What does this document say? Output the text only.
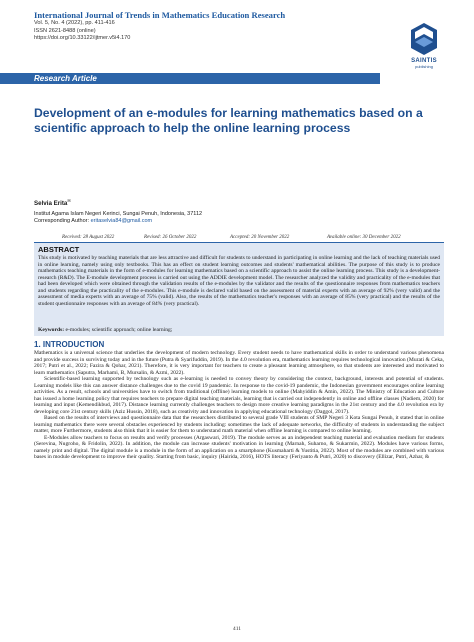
International Journal of Trends in Mathematics Education Research
Vol. 5, No. 4 (2022), pp. 411-416
ISSN 2621-8488 (online)
https://doi.org/10.33122/ijtmer.v5i4.170
SAINTIS
publishing
Research Article
Development of an e-modules for learning mathematics based on a scientific approach to help the online learning process
Selvia Erita✉
Institut Agama Islam Negeri Kerinci, Sungai Penuh, Indonesia, 37112
Corresponding Author: eritaselvia84@gmail.com
Received: 28 August 2022	Revised: 26 October 2022	Accepted: 20 November 2022	Available online: 30 December 2022
ABSTRACT
This study is motivated by teaching materials that are less attractive and difficult for students to understand in participating in online learning and the lack of teaching materials used in online learning, namely using only textbooks. This has an effect on student learning outcomes and students' mathematical abilities. The purpose of this study is to produce mathematics teaching materials in the form of e-modules for learning mathematics based on a scientific approach to assist the online learning process. This study is a development-research (R&D). The E-module development process is carried out using the ADDIE development model. The researcher analyzed the validity and practicality of the e-modules that had been developed which were obtained through the validation results of the e-modules by the validator and the results of the questionnaire responses from mathematics teachers and students regarding the practicality of the e-modules. This e-module is declared valid based on the assessment of material experts with an average of 92% (very valid) and the assessment of media experts with an average of 75% (valid). Also, the results of the mathematics teacher's responses with an average of 85% (very practical) and the results of the student questionnaire responses with an average of 84% (very practical).
Keywords: e-modules; scientific approach; online learning;
1. INTRODUCTION

Mathematics is a universal science that underlies the development of modern technology. Every student needs to have mathematical skills in order to understand various phenomena and provide success in surviving today and in the future (Putra & Syarifuddin, 2019). In the 4.0 revolution era, mathematics learning requires technological innovation (Murati & Ceka, 2017; Putri et al., 2022; Fazira & Qohar, 2021). Therefore, it is very important for teachers to create a pleasant learning atmosphere, so that students are interested and motivated to learn mathematics (Saputra, Marhami, B, Mursalin, & Azmi, 2022).

Scientific-based learning supported by technology such as e-learning is needed to convey theory by considering the context, background, interests and potential of students. Learning models like this can answer distance challenges due to the covid 19 pandemic. In response to the covid-19 pandemic, the Indonesian government encourages online learning activities. As a result, schools and universities have to switch from traditional (offline) learning models to online (Mahyiddin & Amin, 2022). The Ministry of Education and Culture has issued a home learning policy that requires teachers to prepare digital teaching materials, learning that is carried out independently in online and offline classes (Nadiem, 2020) for learning and input (Kemendikbud, 2017). Distance learning currently challenges teachers to design more creative learning paradigms in the 21st century and the 4.0 revolution era by developing core 21st century skills (Aziz Hussin, 2018), such as creativity and innovation in applying educational technology (Daggol, 2017).

Based on the results of interviews and questionnaire data that the researchers distributed to several grade VIII students of SMP Negeri 3 Kota Sungai Penuh, it stated that in online learning mathematics there were several obstacles experienced by students including: sometimes the lack of adequate networks, the difficulty of students in understanding the subject matter, more Furthermore, students also think that it is easier for them to understand math material when offline learning is compared to online learning.

E-Modules allow teachers to focus on results and verify processes (Argaswari, 2019). The module serves as an independent teaching material and evaluation medium for students (Serevina, Nugroho, & Fridolin, 2022). In addition, the module can increase students' motivation in learning (Marnah, Suharno, & Sukarmin, 2022). Modules have various forms, namely print and digital. The digital module is a module in the form of an application on a smartphone (Kusmaharti & Yustitia, 2022). Most of the modules are combined with various bases in module development to improve their quality. Starting from basic, inquiry (Hairida, 2016), HOTS literacy (Feriyanto & Putri, 2020) to discovery (Ellizar, Putri, Azhar, &

411
